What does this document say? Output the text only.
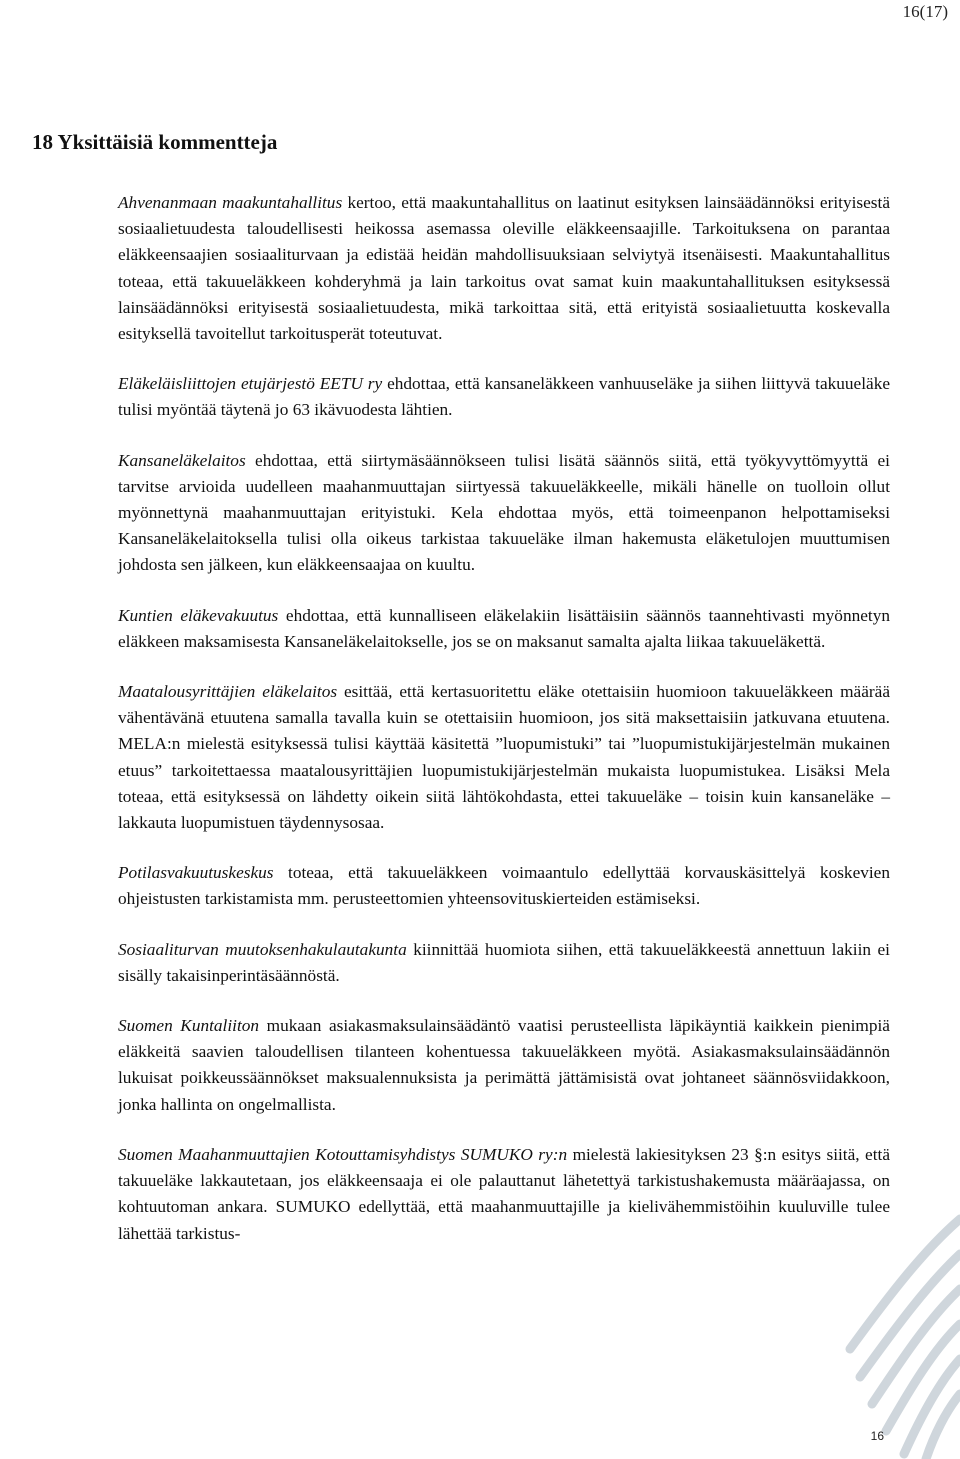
16(17)
18 Yksittäisiä kommentteja

Ahvenanmaan maakuntahallitus kertoo, että maakuntahallitus on laatinut esityksen lainsäädännöksi erityisestä sosiaalietuudesta taloudellisesti heikossa asemassa oleville eläkkeensaajille. Tarkoituksena on parantaa eläkkeensaajien sosiaaliturvaan ja edistää heidän mahdollisuuksiaan selviytyä itsenäisesti. Maakuntahallitus toteaa, että takuueläkkeen kohderyhmä ja lain tarkoitus ovat samat kuin maakuntahallituksen esityksessä lainsäädännöksi erityisestä sosiaalietuudesta, mikä tarkoittaa sitä, että erityistä sosiaalietuutta koskevalla esityksellä tavoitellut tarkoitusperät toteutuvat.

Eläkeläisliittojen etujärjestö EETU ry ehdottaa, että kansaneläkkeen vanhuuseläke ja siihen liittyvä takuueläke tulisi myöntää täytenä jo 63 ikävuodesta lähtien.

Kansaneläkelaitos ehdottaa, että siirtymäsäännökseen tulisi lisätä säännös siitä, että työkyvyttömyyttä ei tarvitse arvioida uudelleen maahanmuuttajan siirtyessä takuueläkkeelle, mikäli hänelle on tuolloin ollut myönnettynä maahanmuuttajan erityistuki. Kela ehdottaa myös, että toimeenpanon helpottamiseksi Kansaneläkelaitoksella tulisi olla oikeus tarkistaa takuueläke ilman hakemusta eläketulojen muuttumisen johdosta sen jälkeen, kun eläkkeensaajaa on kuultu.

Kuntien eläkevakuutus ehdottaa, että kunnalliseen eläkelakiin lisättäisiin säännös taannehtivasti myönnetyn eläkkeen maksamisesta Kansaneläkelaitokselle, jos se on maksanut samalta ajalta liikaa takuueläkettä.

Maatalousyrittäjien eläkelaitos esittää, että kertasuoritettu eläke otettaisiin huomioon takuueläkkeen määrää vähentävänä etuutena samalla tavalla kuin se otettaisiin huomioon, jos sitä maksettaisiin jatkuvana etuutena. MELA:n mielestä esityksessä tulisi käyttää käsitettä ”luopumistuki” tai ”luopumistukijärjestelmän mukainen etuus” tarkoitettaessa maatalousyrittäjien luopumistukijärjestelmän mukaista luopumistukea. Lisäksi Mela toteaa, että esityksessä on lähdetty oikein siitä lähtökohdasta, ettei takuueläke – toisin kuin kansaneläke – lakkauta luopumistuen täydennysosaa.

Potilasvakuutuskeskus toteaa, että takuueläkkeen voimaantulo edellyttää korvauskäsittelyä koskevien ohjeistusten tarkistamista mm. perusteettomien yhteensovituskierteiden estämiseksi.

Sosiaaliturvan muutoksenhakulautakunta kiinnittää huomiota siihen, että takuueläkkeestä annettuun lakiin ei sisälly takaisinperintäsäännöstä.

Suomen Kuntaliiton mukaan asiakasmaksulainsäädäntö vaatisi perusteellista läpikäyntiä kaikkein pienimpiä eläkkeitä saavien taloudellisen tilanteen kohentuessa takuueläkkeen myötä. Asiakasmaksulainsäädännön lukuisat poikkeussäännökset maksualennuksista ja perimättä jättämisistä ovat johtaneet säännösviidakkoon, jonka hallinta on ongelmallista.

Suomen Maahanmuuttajien Kotouttamisyhdistys SUMUKO ry:n mielestä lakiesityksen 23 §:n esitys siitä, että takuueläke lakkautetaan, jos eläkkeensaaja ei ole palauttanut lähetettyä tarkistushakemusta määräajassa, on kohtuutoman ankara. SUMUKO edellyttää, että maahanmuuttajille ja kielivähemmistöihin kuuluville tulee lähettää tarkistus-

16
